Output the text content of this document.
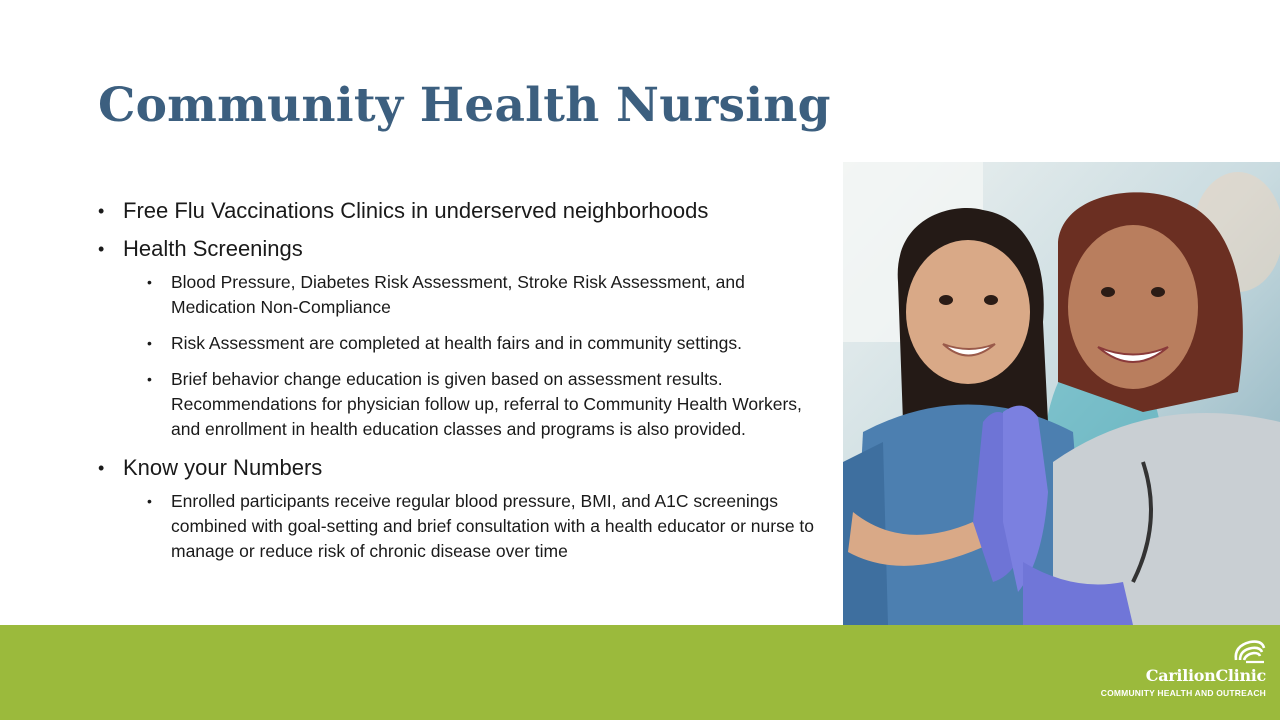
Community Health Nursing
• Free Flu Vaccinations Clinics in underserved neighborhoods
• Health Screenings
• Blood Pressure, Diabetes Risk Assessment, Stroke Risk Assessment, and Medication Non-Compliance
• Risk Assessment are completed at health fairs and in community settings.
• Brief behavior change education is given based on assessment results. Recommendations for physician follow up, referral to Community Health Workers, and enrollment in health education classes and programs is also provided.
• Know your Numbers
• Enrolled participants receive regular blood pressure, BMI, and A1C screenings combined with goal-setting and brief consultation with a health educator or nurse to manage or reduce risk of chronic disease over time
CarilionClinic
COMMUNITY HEALTH AND OUTREACH
